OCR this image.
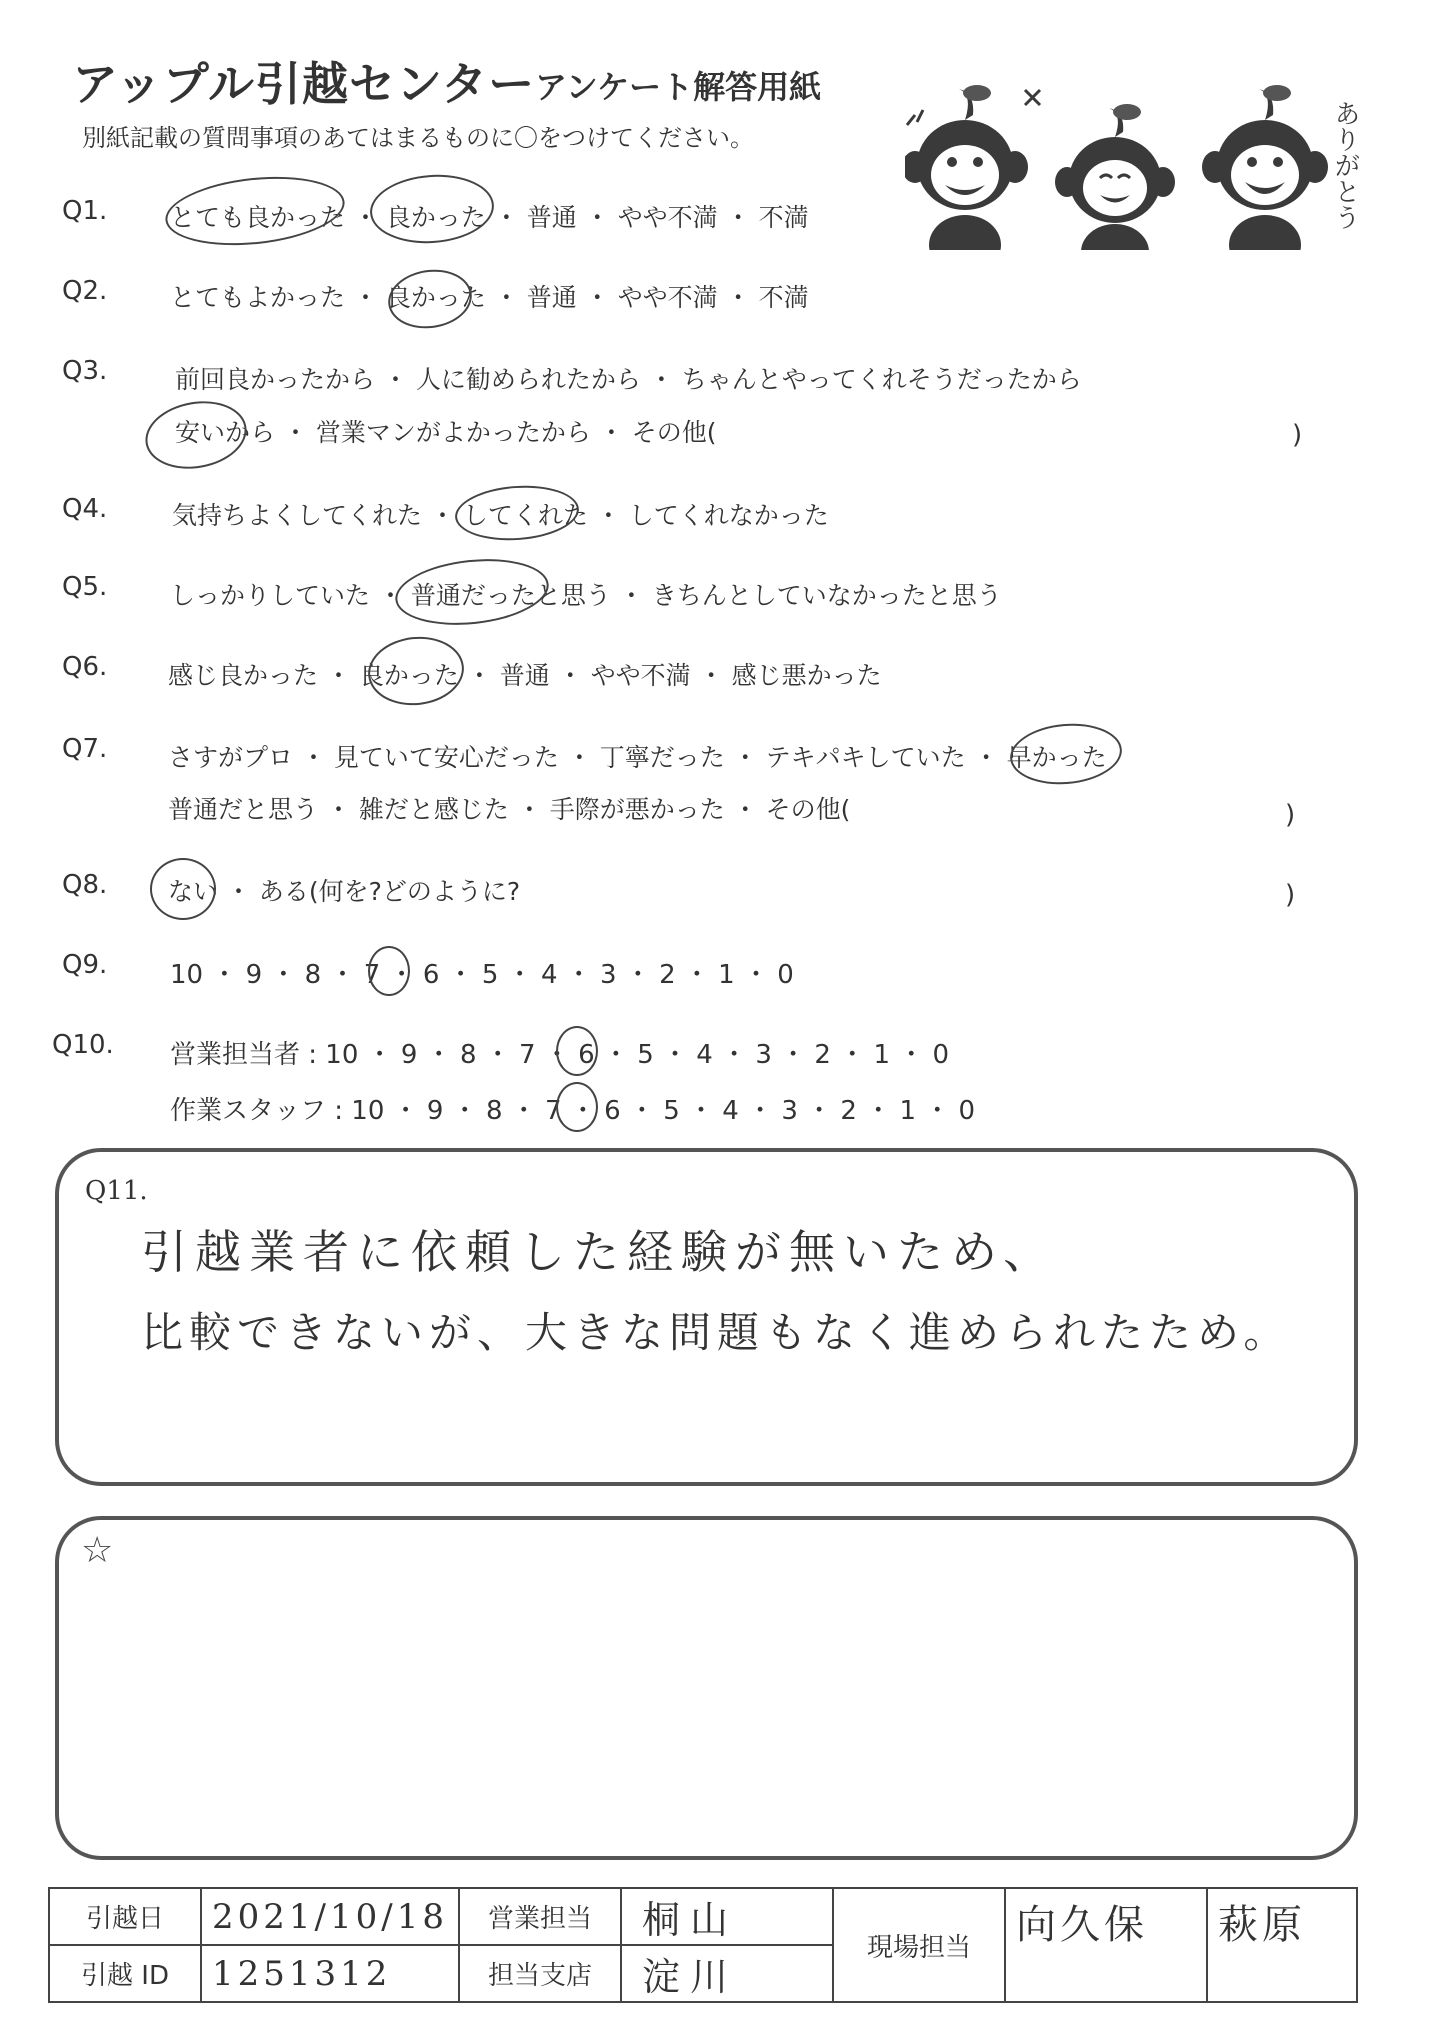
アップル引越センター アンケート解答用紙
別紙記載の質問事項のあてはまるものに〇をつけてください。	ありがとう
Q1.	とても良かった ・ 良かった ・ 普通 ・ やや不満 ・ 不満
Q2.	とてもよかった ・ 良かった ・ 普通 ・ やや不満 ・ 不満
Q3.	前回良かったから ・ 人に勧められたから ・ ちゃんとやってくれそうだったから
安いから ・ 営業マンがよかったから ・ その他(	)
Q4.	気持ちよくしてくれた ・ してくれた ・ してくれなかった
Q5.	しっかりしていた ・ 普通だったと思う ・ きちんとしていなかったと思う
Q6. 感じ良かった ・ 良かった ・ 普通 ・ やや不満 ・ 感じ悪かった
Q7. さすがプロ ・ 見ていて安心だった ・ 丁寧だった ・ テキパキしていた ・ 早かった
普通だと思う ・ 雑だと感じた ・ 手際が悪かった ・ その他(	)
Q8. ない ・ ある(何を?どのように?	)
Q9. 10 ・ 9 ・ 8 ・ 7 ・ 6 ・ 5 ・ 4 ・ 3 ・ 2 ・ 1 ・ 0
Q10. 営業担当者 : 10 ・ 9 ・ 8 ・ 7 ・ 6 ・ 5 ・ 4 ・ 3 ・ 2 ・ 1 ・ 0
作業スタッフ : 10 ・ 9 ・ 8 ・ 7 ・ 6 ・ 5 ・ 4 ・ 3 ・ 2 ・ 1 ・ 0
Q11.
引越業者に依頼した経験が無いため、
比較できないが、大きな問題もなく進められたため。
☆
引越日	2021/10/18	営業担当	桐山	現場担当	向久保	萩原
引越 ID	1251312	担当支店	淀川			
